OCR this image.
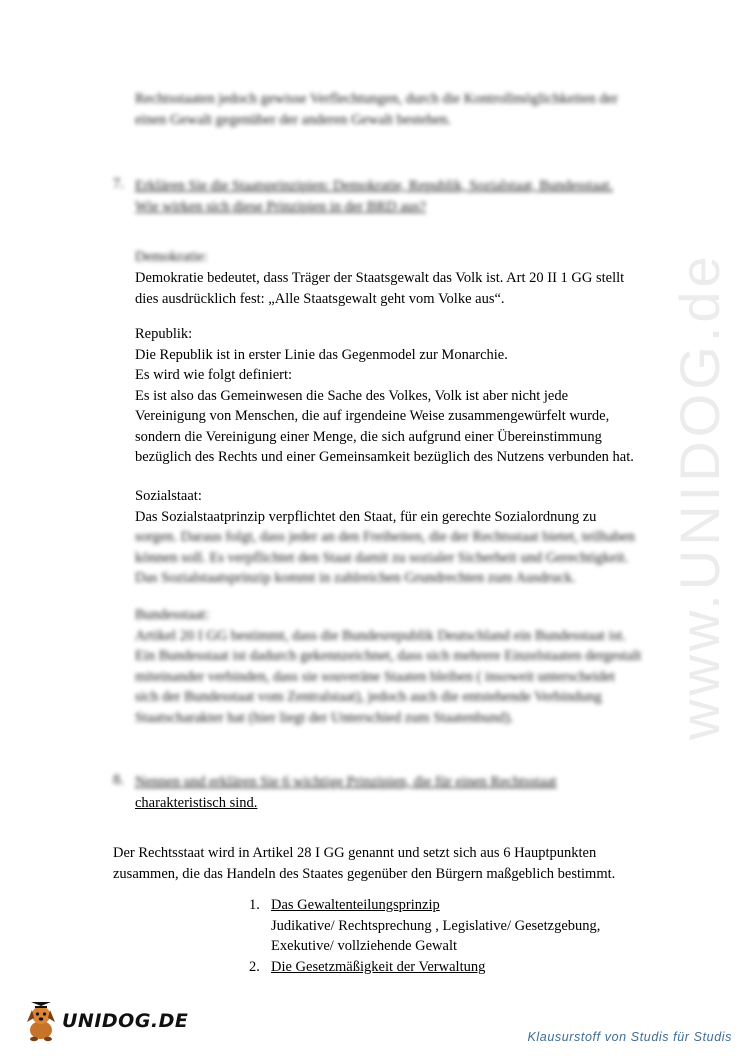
www.UNIDOG.de
Rechtsstaaten jedoch gewisse Verflechtungen, durch die Kontrollmöglichkeiten der
einen Gewalt gegenüber der anderen Gewalt bestehen.
7. Erklären Sie die Staatsprinzipien: Demokratie, Republik, Sozialstaat, Bundesstaat.
Wie wirken sich diese Prinzipien in der BRD aus?
Demokratie:
Demokratie bedeutet, dass Träger der Staatsgewalt das Volk ist. Art 20 II 1 GG stellt
dies ausdrücklich fest: „Alle Staatsgewalt geht vom Volke aus“.
Republik:
Die Republik ist in erster Linie das Gegenmodel zur Monarchie.
Es wird wie folgt definiert:
Es ist also das Gemeinwesen die Sache des Volkes, Volk ist aber nicht jede
Vereinigung von Menschen, die auf irgendeine Weise zusammengewürfelt wurde,
sondern die Vereinigung einer Menge, die sich aufgrund einer Übereinstimmung
bezüglich des Rechts und einer Gemeinsamkeit bezüglich des Nutzens verbunden hat.
Sozialstaat:
Das Sozialstaatprinzip verpflichtet den Staat, für ein gerechte Sozialordnung zu
sorgen. Daraus folgt, dass jeder an den Freiheiten, die der Rechtsstaat bietet, teilhaben
können soll. Es verpflichtet den Staat damit zu sozialer Sicherheit und Gerechtigkeit.
Das Sozialstaatsprinzip kommt in zahlreichen Grundrechten zum Ausdruck.
Bundesstaat:
Artikel 20 I GG bestimmt, dass die Bundesrepublik Deutschland ein Bundesstaat ist.
Ein Bundesstaat ist dadurch gekennzeichnet, dass sich mehrere Einzelstaaten dergestalt
miteinander verbinden, dass sie souveräne Staaten bleiben ( insoweit unterscheidet
sich der Bundesstaat vom Zentralstaat), jedoch auch die entstehende Verbindung
Staatscharakter hat (hier liegt der Unterschied zum Staatenbund).
8. Nennen und erklären Sie 6 wichtige Prinzipien, die für einen Rechtsstaat
charakteristisch sind.
Der Rechtsstaat wird in Artikel 28 I GG genannt und setzt sich aus 6 Hauptpunkten
zusammen, die das Handeln des Staates gegenüber den Bürgern maßgeblich bestimmt.
1. Das Gewaltenteilungsprinzip
Judikative/ Rechtsprechung , Legislative/ Gesetzgebung,
Exekutive/ vollziehende Gewalt
2. Die Gesetzmäßigkeit der Verwaltung
UNIDOG.DE
Klausurstoff von Studis für Studis
